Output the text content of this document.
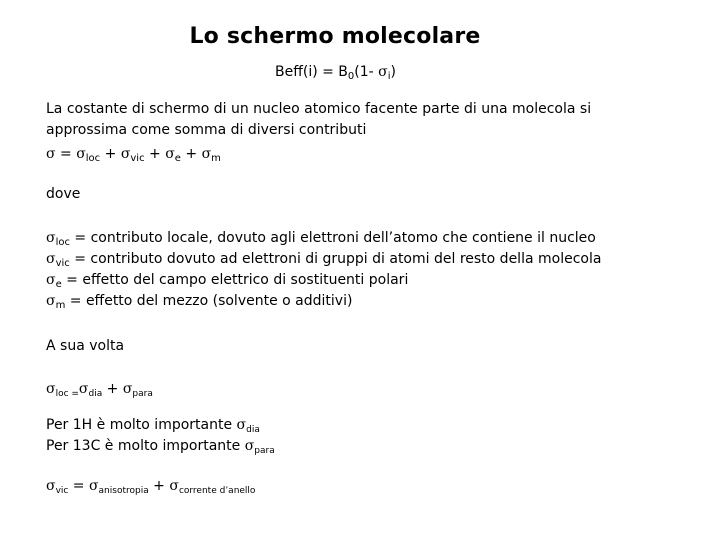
Lo schermo molecolare
Beff(i) = $B_0(1-$ $\sigma_i$)
La costante di schermo di un nucleo atomico facente parte di una molecola si
approssima come somma di diversi contributi
$\sigma = \sigma_{loc} + \sigma_{vic} + \sigma_e + \sigma_m$
dove
$\sigma_{loc}$ = contributo locale, dovuto agli elettroni dell’atomo che contiene il nucleo
$\sigma_{vic}$ = contributo dovuto ad elettroni di gruppi di atomi del resto della molecola
$\sigma_e$ = effetto del campo elettrico di sostituenti polari
$\sigma_m$ = effetto del mezzo (solvente o additivi)
A sua volta
$\sigma_{loc =}\sigma_{dia} + \sigma_{para}$
Per 1H è molto importante $\sigma_{dia}$
Per 13C è molto importante $\sigma_{para}$
$\sigma_{vic} = \sigma_{anisotropia} + \sigma_{corrente d’anello}$
